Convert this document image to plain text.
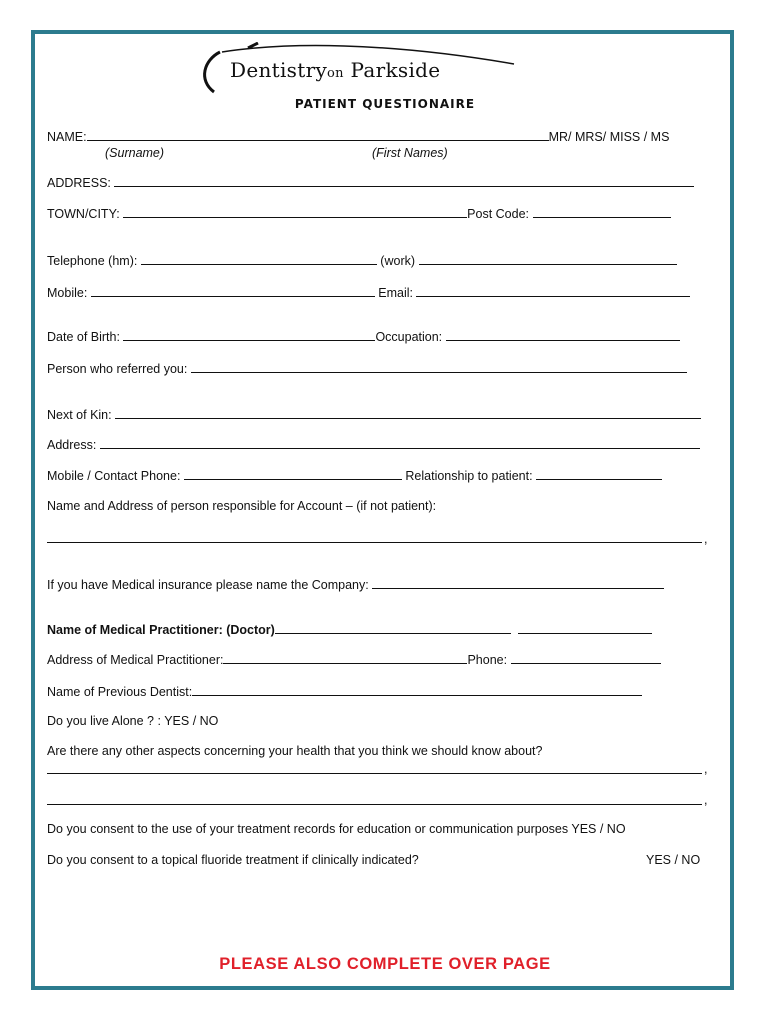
Dentistryon Parkside
PATIENT QUESTIONAIRE
NAME:	MR/ MRS/ MISS / MS
(Surname)	(First Names)
ADDRESS:
TOWN/CITY:	Post Code:
Telephone (hm):	(work)
Mobile:	Email:
Date of Birth:	Occupation:
Person who referred you:
Next of Kin:
Address:
Mobile / Contact Phone:	Relationship to patient:
Name and Address of person responsible for Account – (if not patient):
,
If you have Medical insurance please name the Company:
Name of Medical Practitioner: (Doctor)
Address of Medical Practitioner:	Phone:
Name of Previous Dentist:
Do you live Alone ? : YES / NO
Are there any other aspects concerning your health that you think we should know about?
,
,
Do you consent to the use of your treatment records for education or communication purposes YES / NO
Do you consent to a topical fluoride treatment if clinically indicated?	YES / NO
PLEASE ALSO COMPLETE OVER PAGE
